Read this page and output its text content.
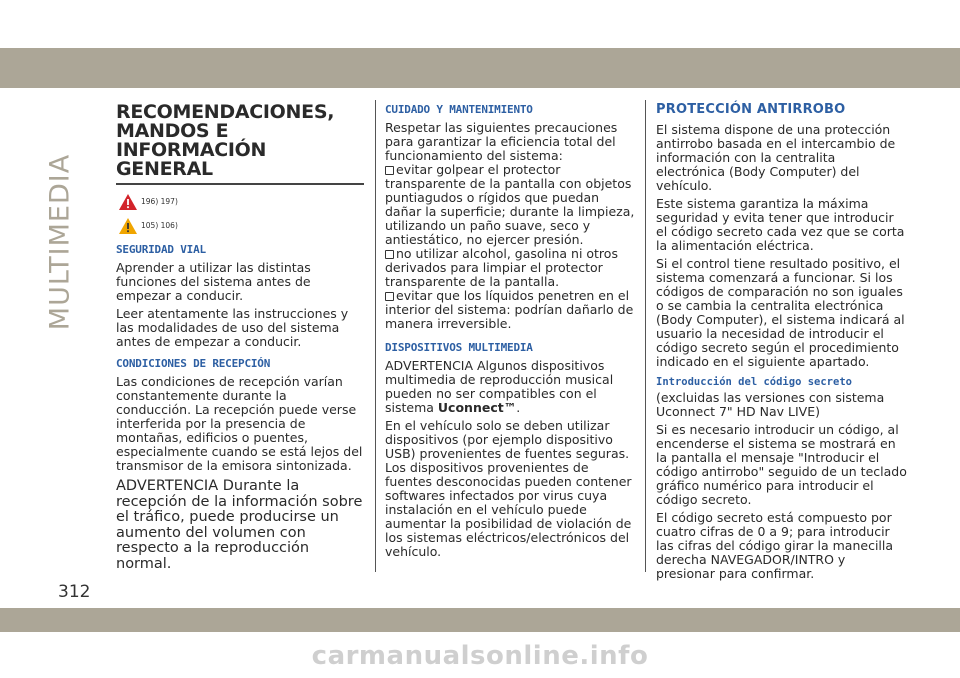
MULTIMEDIA
312
carmanualsonline.info
RECOMENDACIONES,
MANDOS E INFORMACIÓN
GENERAL
196) 197)
105) 106)
SEGURIDAD VIAL

Aprender a utilizar las distintas funciones del sistema antes de empezar a conducir.

Leer atentamente las instrucciones y las modalidades de uso del sistema antes de empezar a conducir.

CONDICIONES DE RECEPCIÓN

Las condiciones de recepción varían constantemente durante la conducción. La recepción puede verse interferida por la presencia de montañas, edificios o puentes, especialmente cuando se está lejos del transmisor de la emisora sintonizada.

ADVERTENCIA Durante la recepción de la información sobre el tráfico, puede producirse un aumento del volumen con respecto a la reproducción normal.

CUIDADO Y MANTENIMIENTO

Respetar las siguientes precauciones para garantizar la eficiencia total del funcionamiento del sistema:

evitar golpear el protector transparente de la pantalla con objetos puntiagudos o rígidos que puedan dañar la superficie; durante la limpieza, utilizando un paño suave, seco y antiestático, no ejercer presión.

no utilizar alcohol, gasolina ni otros derivados para limpiar el protector transparente de la pantalla.

evitar que los líquidos penetren en el interior del sistema: podrían dañarlo de manera irreversible.

DISPOSITIVOS MULTIMEDIA

ADVERTENCIA Algunos dispositivos multimedia de reproducción musical pueden no ser compatibles con el sistema Uconnect™.

En el vehículo solo se deben utilizar dispositivos (por ejemplo dispositivo USB) provenientes de fuentes seguras. Los dispositivos provenientes de fuentes desconocidas pueden contener softwares infectados por virus cuya instalación en el vehículo puede aumentar la posibilidad de violación de los sistemas eléctricos/electrónicos del vehículo.

PROTECCIÓN ANTIRROBO

El sistema dispone de una protección antirrobo basada en el intercambio de información con la centralita electrónica (Body Computer) del vehículo.

Este sistema garantiza la máxima seguridad y evita tener que introducir el código secreto cada vez que se corta la alimentación eléctrica.

Si el control tiene resultado positivo, el sistema comenzará a funcionar. Si los códigos de comparación no son iguales o se cambia la centralita electrónica (Body Computer), el sistema indicará al usuario la necesidad de introducir el código secreto según el procedimiento indicado en el siguiente apartado.

Introducción del código secreto

(excluidas las versiones con sistema Uconnect 7" HD Nav LIVE)

Si es necesario introducir un código, al encenderse el sistema se mostrará en la pantalla el mensaje "Introducir el código antirrobo" seguido de un teclado gráfico numérico para introducir el código secreto.

El código secreto está compuesto por cuatro cifras de 0 a 9; para introducir las cifras del código girar la manecilla derecha NAVEGADOR/INTRO y presionar para confirmar.
